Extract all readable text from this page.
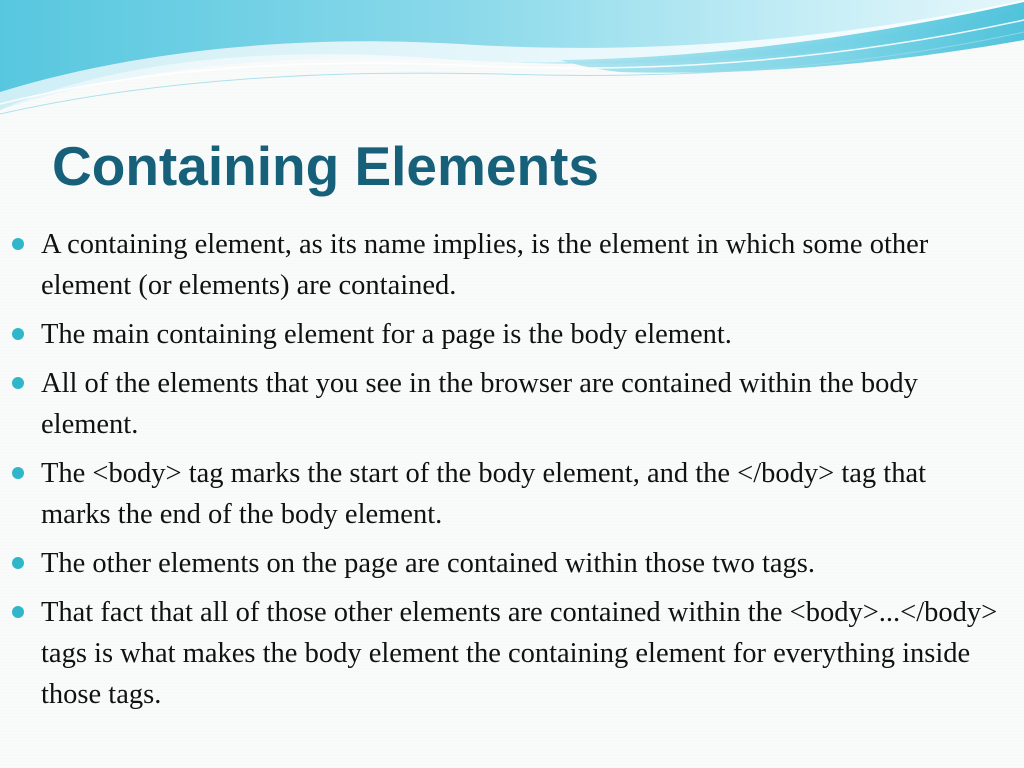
Containing Elements
A containing element, as its name implies, is the element in which some other element (or elements) are contained.
The main containing element for a page is the body element.
All of the elements that you see in the browser are contained within the body element.
The <body> tag marks the start of the body element, and the </body> tag that marks the end of the body element.
The other elements on the page are contained within those two tags.
That fact that all of those other elements are contained within the <body>...</body> tags is what makes the body element the containing element for everything inside those tags.
